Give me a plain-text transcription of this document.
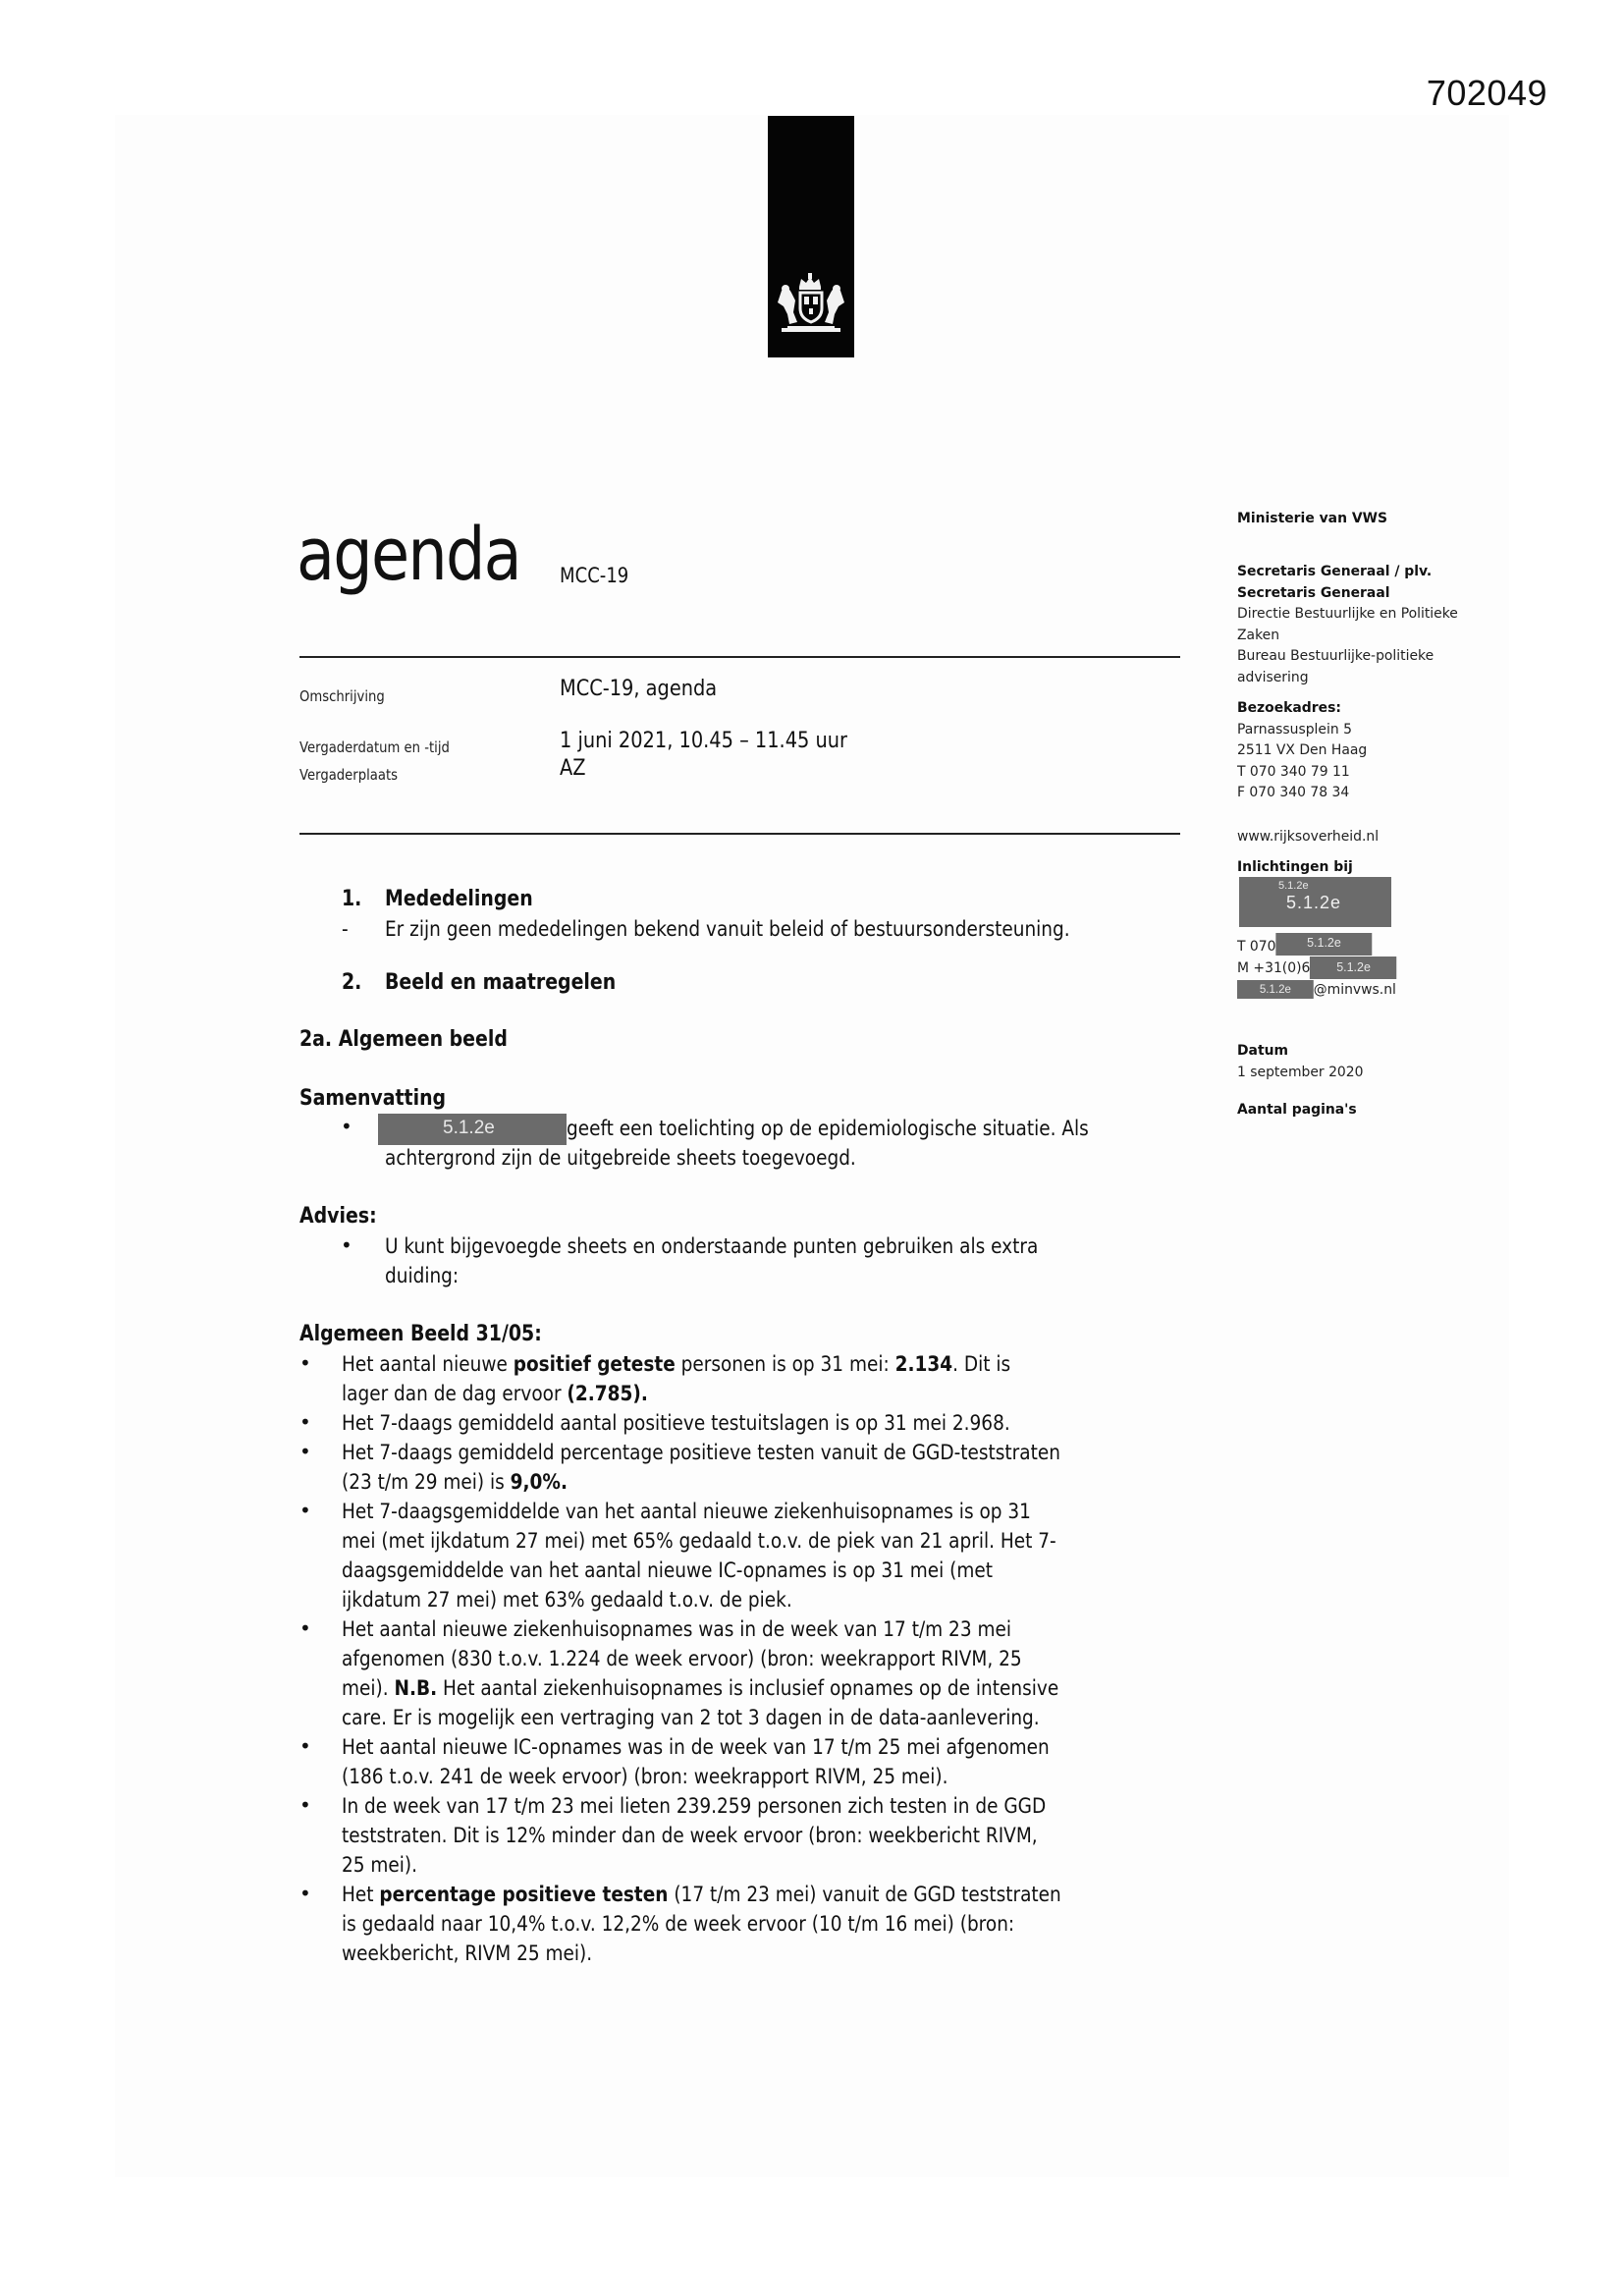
702049
agenda MCC-19
Omschrijving	MCC-19, agenda
Vergaderdatum en -tijd	1 juni 2021, 10.45 – 11.45 uur
Vergaderplaats	AZ
Ministerie van VWS
Secretaris Generaal / plv.
Secretaris Generaal
Directie Bestuurlijke en Politieke
Zaken
Bureau Bestuurlijke-politieke
advisering
Bezoekadres:
Parnassusplein 5
2511 VX Den Haag
T 070 340 79 11
F 070 340 78 34
www.rijksoverheid.nl
Inlichtingen bij
5.1.2e
5.1.2e
T 070 5.1.2e
M +31(0)6 5.1.2e
5.1.2e @minvws.nl
Datum
1 september 2020
Aantal pagina's
1. Mededelingen
- Er zijn geen mededelingen bekend vanuit beleid of bestuursondersteuning.
2. Beeld en maatregelen
2a. Algemeen beeld
Samenvatting
•	5.1.2e	geeft een toelichting op de epidemiologische situatie. Als
achtergrond zijn de uitgebreide sheets toegevoegd.
Advies:
• U kunt bijgevoegde sheets en onderstaande punten gebruiken als extra
duiding:
Algemeen Beeld 31/05:
• Het aantal nieuwe positief geteste personen is op 31 mei: 2.134. Dit is
lager dan de dag ervoor (2.785).
• Het 7-daags gemiddeld aantal positieve testuitslagen is op 31 mei 2.968.
• Het 7-daags gemiddeld percentage positieve testen vanuit de GGD-teststraten
(23 t/m 29 mei) is 9,0%.
• Het 7-daagsgemiddelde van het aantal nieuwe ziekenhuisopnames is op 31
mei (met ijkdatum 27 mei) met 65% gedaald t.o.v. de piek van 21 april. Het 7-
daagsgemiddelde van het aantal nieuwe IC-opnames is op 31 mei (met
ijkdatum 27 mei) met 63% gedaald t.o.v. de piek.
• Het aantal nieuwe ziekenhuisopnames was in de week van 17 t/m 23 mei
afgenomen (830 t.o.v. 1.224 de week ervoor) (bron: weekrapport RIVM, 25
mei). N.B. Het aantal ziekenhuisopnames is inclusief opnames op de intensive
care. Er is mogelijk een vertraging van 2 tot 3 dagen in de data-aanlevering.
• Het aantal nieuwe IC-opnames was in de week van 17 t/m 25 mei afgenomen
(186 t.o.v. 241 de week ervoor) (bron: weekrapport RIVM, 25 mei).
• In de week van 17 t/m 23 mei lieten 239.259 personen zich testen in de GGD
teststraten. Dit is 12% minder dan de week ervoor (bron: weekbericht RIVM,
25 mei).
• Het percentage positieve testen (17 t/m 23 mei) vanuit de GGD teststraten
is gedaald naar 10,4% t.o.v. 12,2% de week ervoor (10 t/m 16 mei) (bron:
weekbericht, RIVM 25 mei).
